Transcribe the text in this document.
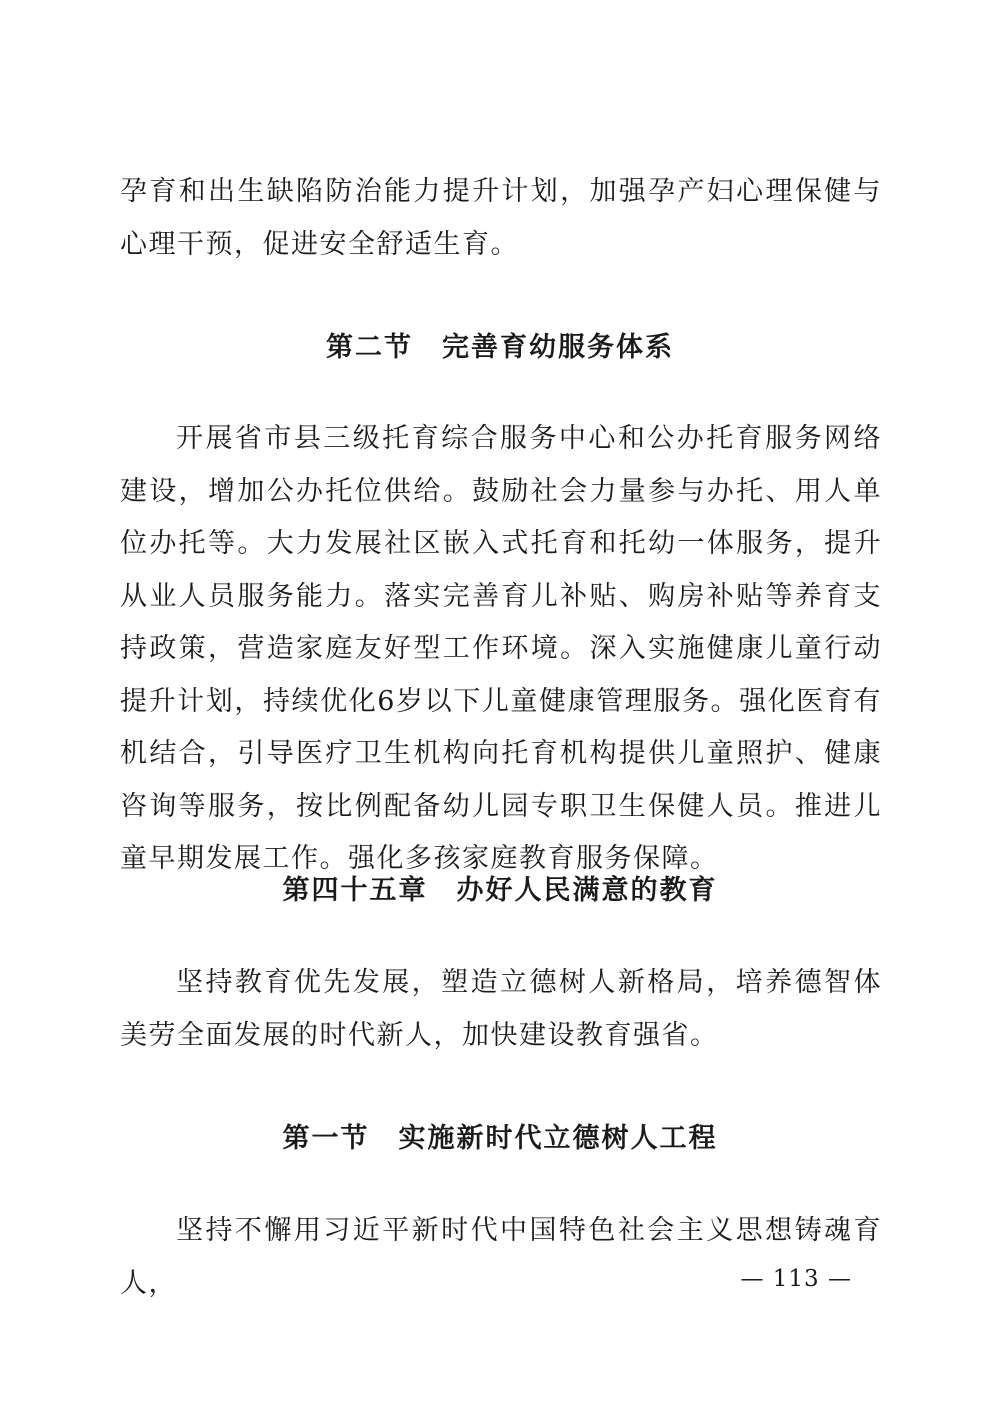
孕育和出生缺陷防治能力提升计划，加强孕产妇心理保健与心理干预，促进安全舒适生育。

第二节　完善育幼服务体系

开展省市县三级托育综合服务中心和公办托育服务网络建设，增加公办托位供给。鼓励社会力量参与办托、用人单位办托等。大力发展社区嵌入式托育和托幼一体服务，提升从业人员服务能力。落实完善育儿补贴、购房补贴等养育支持政策，营造家庭友好型工作环境。深入实施健康儿童行动提升计划，持续优化6岁以下儿童健康管理服务。强化医育有机结合，引导医疗卫生机构向托育机构提供儿童照护、健康咨询等服务，按比例配备幼儿园专职卫生保健人员。推进儿童早期发展工作。强化多孩家庭教育服务保障。

第四十五章　办好人民满意的教育

坚持教育优先发展，塑造立德树人新格局，培养德智体美劳全面发展的时代新人，加快建设教育强省。

第一节　实施新时代立德树人工程

坚持不懈用习近平新时代中国特色社会主义思想铸魂育人，	— 113 —
